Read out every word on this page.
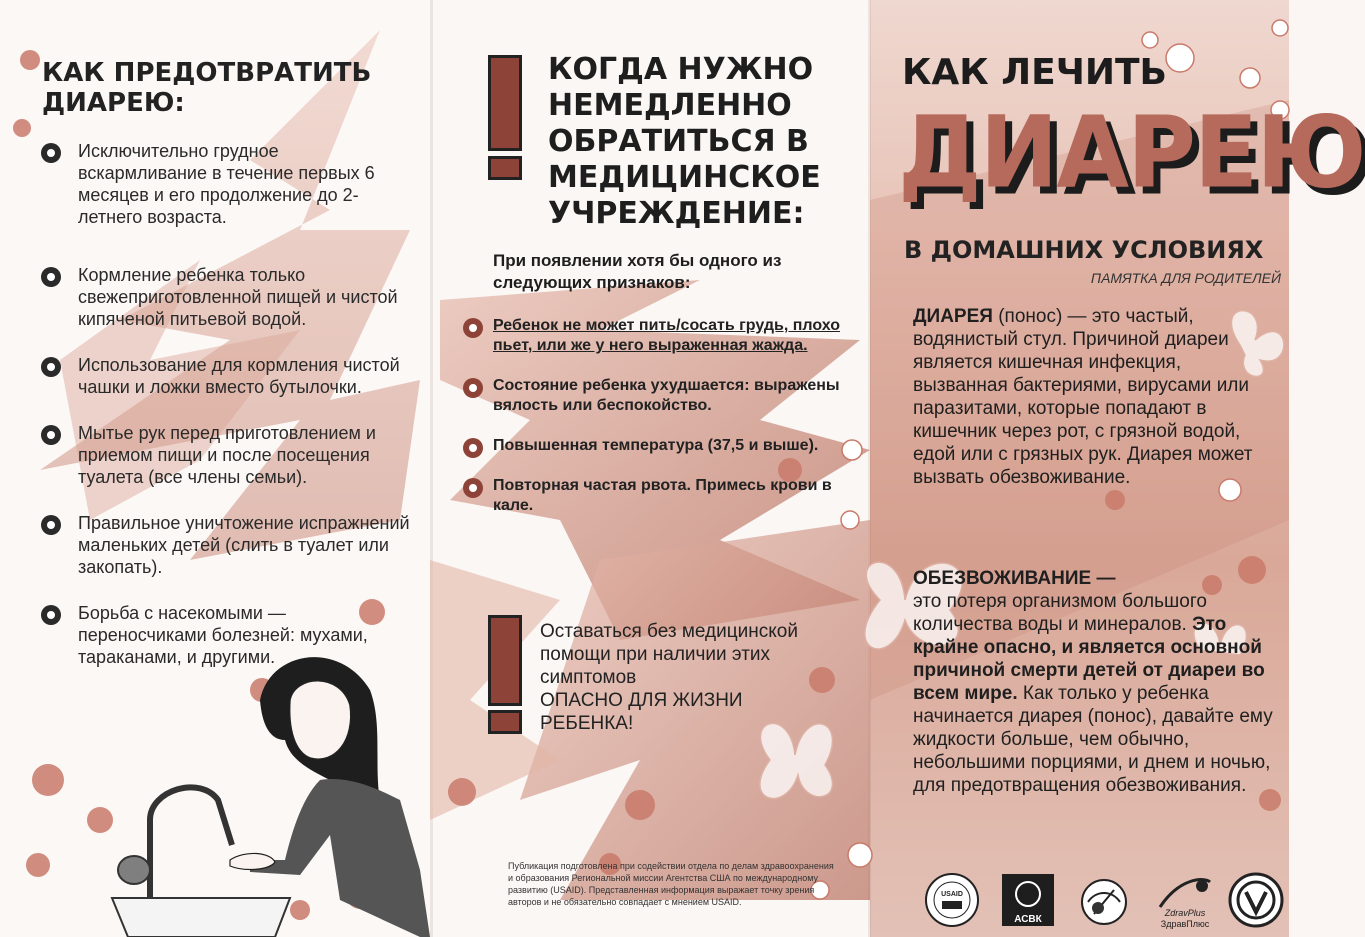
КАК ПРЕДОТВРАТИТЬ ДИАРЕЮ:
Исключительно грудное вскармливание в течение первых 6 месяцев и его продолжение до 2-летнего возраста.
Кормление ребенка только свежеприготовленной пищей и чистой кипяченой питьевой водой.
Использование для кормления чистой чашки и ложки вместо бутылочки.
Мытье рук перед приготовлением и приемом пищи и после посещения туалета (все члены семьи).
Правильное уничтожение испражнений маленьких детей (слить в туалет или закопать).
Борьба с насекомыми — переносчиками болезней: мухами, тараканами, и другими.
КОГДА НУЖНО НЕМЕДЛЕННО ОБРАТИТЬСЯ В МЕДИЦИНСКОЕ УЧРЕЖДЕНИЕ:
При появлении хотя бы одного из следующих признаков:
Ребенок не может пить/сосать грудь, плохо пьет, или же у него выраженная жажда.
Состояние ребенка ухудшается: выражены вялость или беспокойство.
Повышенная температура (37,5 и выше).
Повторная частая рвота. Примесь крови в кале.
Оставаться без медицинской помощи при наличии этих симптомов
ОПАСНО ДЛЯ ЖИЗНИ РЕБЕНКА!
Публикация подготовлена при содействии отдела по делам здравоохранения и образования Региональной миссии Агентства США по международному развитию (USAID). Представленная информация выражает точку зрения авторов и не обязательно совпадает с мнением USAID.
КАК ЛЕЧИТЬ
ДИАРЕЮ
В ДОМАШНИХ УСЛОВИЯХ
ПАМЯТКА ДЛЯ РОДИТЕЛЕЙ

ДИАРЕЯ (понос) — это частый, водянистый стул. Причиной диареи является кишечная инфекция, вызванная бактериями, вирусами или паразитами, которые попадают в кишечник через рот, с грязной водой, едой или с грязных рук. Диарея может вызвать обезвоживание.

ОБЕЗВОЖИВАНИЕ —
это потеря организмом большого количества воды и минералов. Это крайне опасно, и является основной причиной смерти детей от диареи во всем мире. Как только у ребенка начинается диарея (понос), давайте ему жидкости больше, чем обычно, небольшими порциями, и днем и ночью, для предотвращения обезвоживания.

USAID
АСВК
ZdravPlus
ЗдравПлюс
